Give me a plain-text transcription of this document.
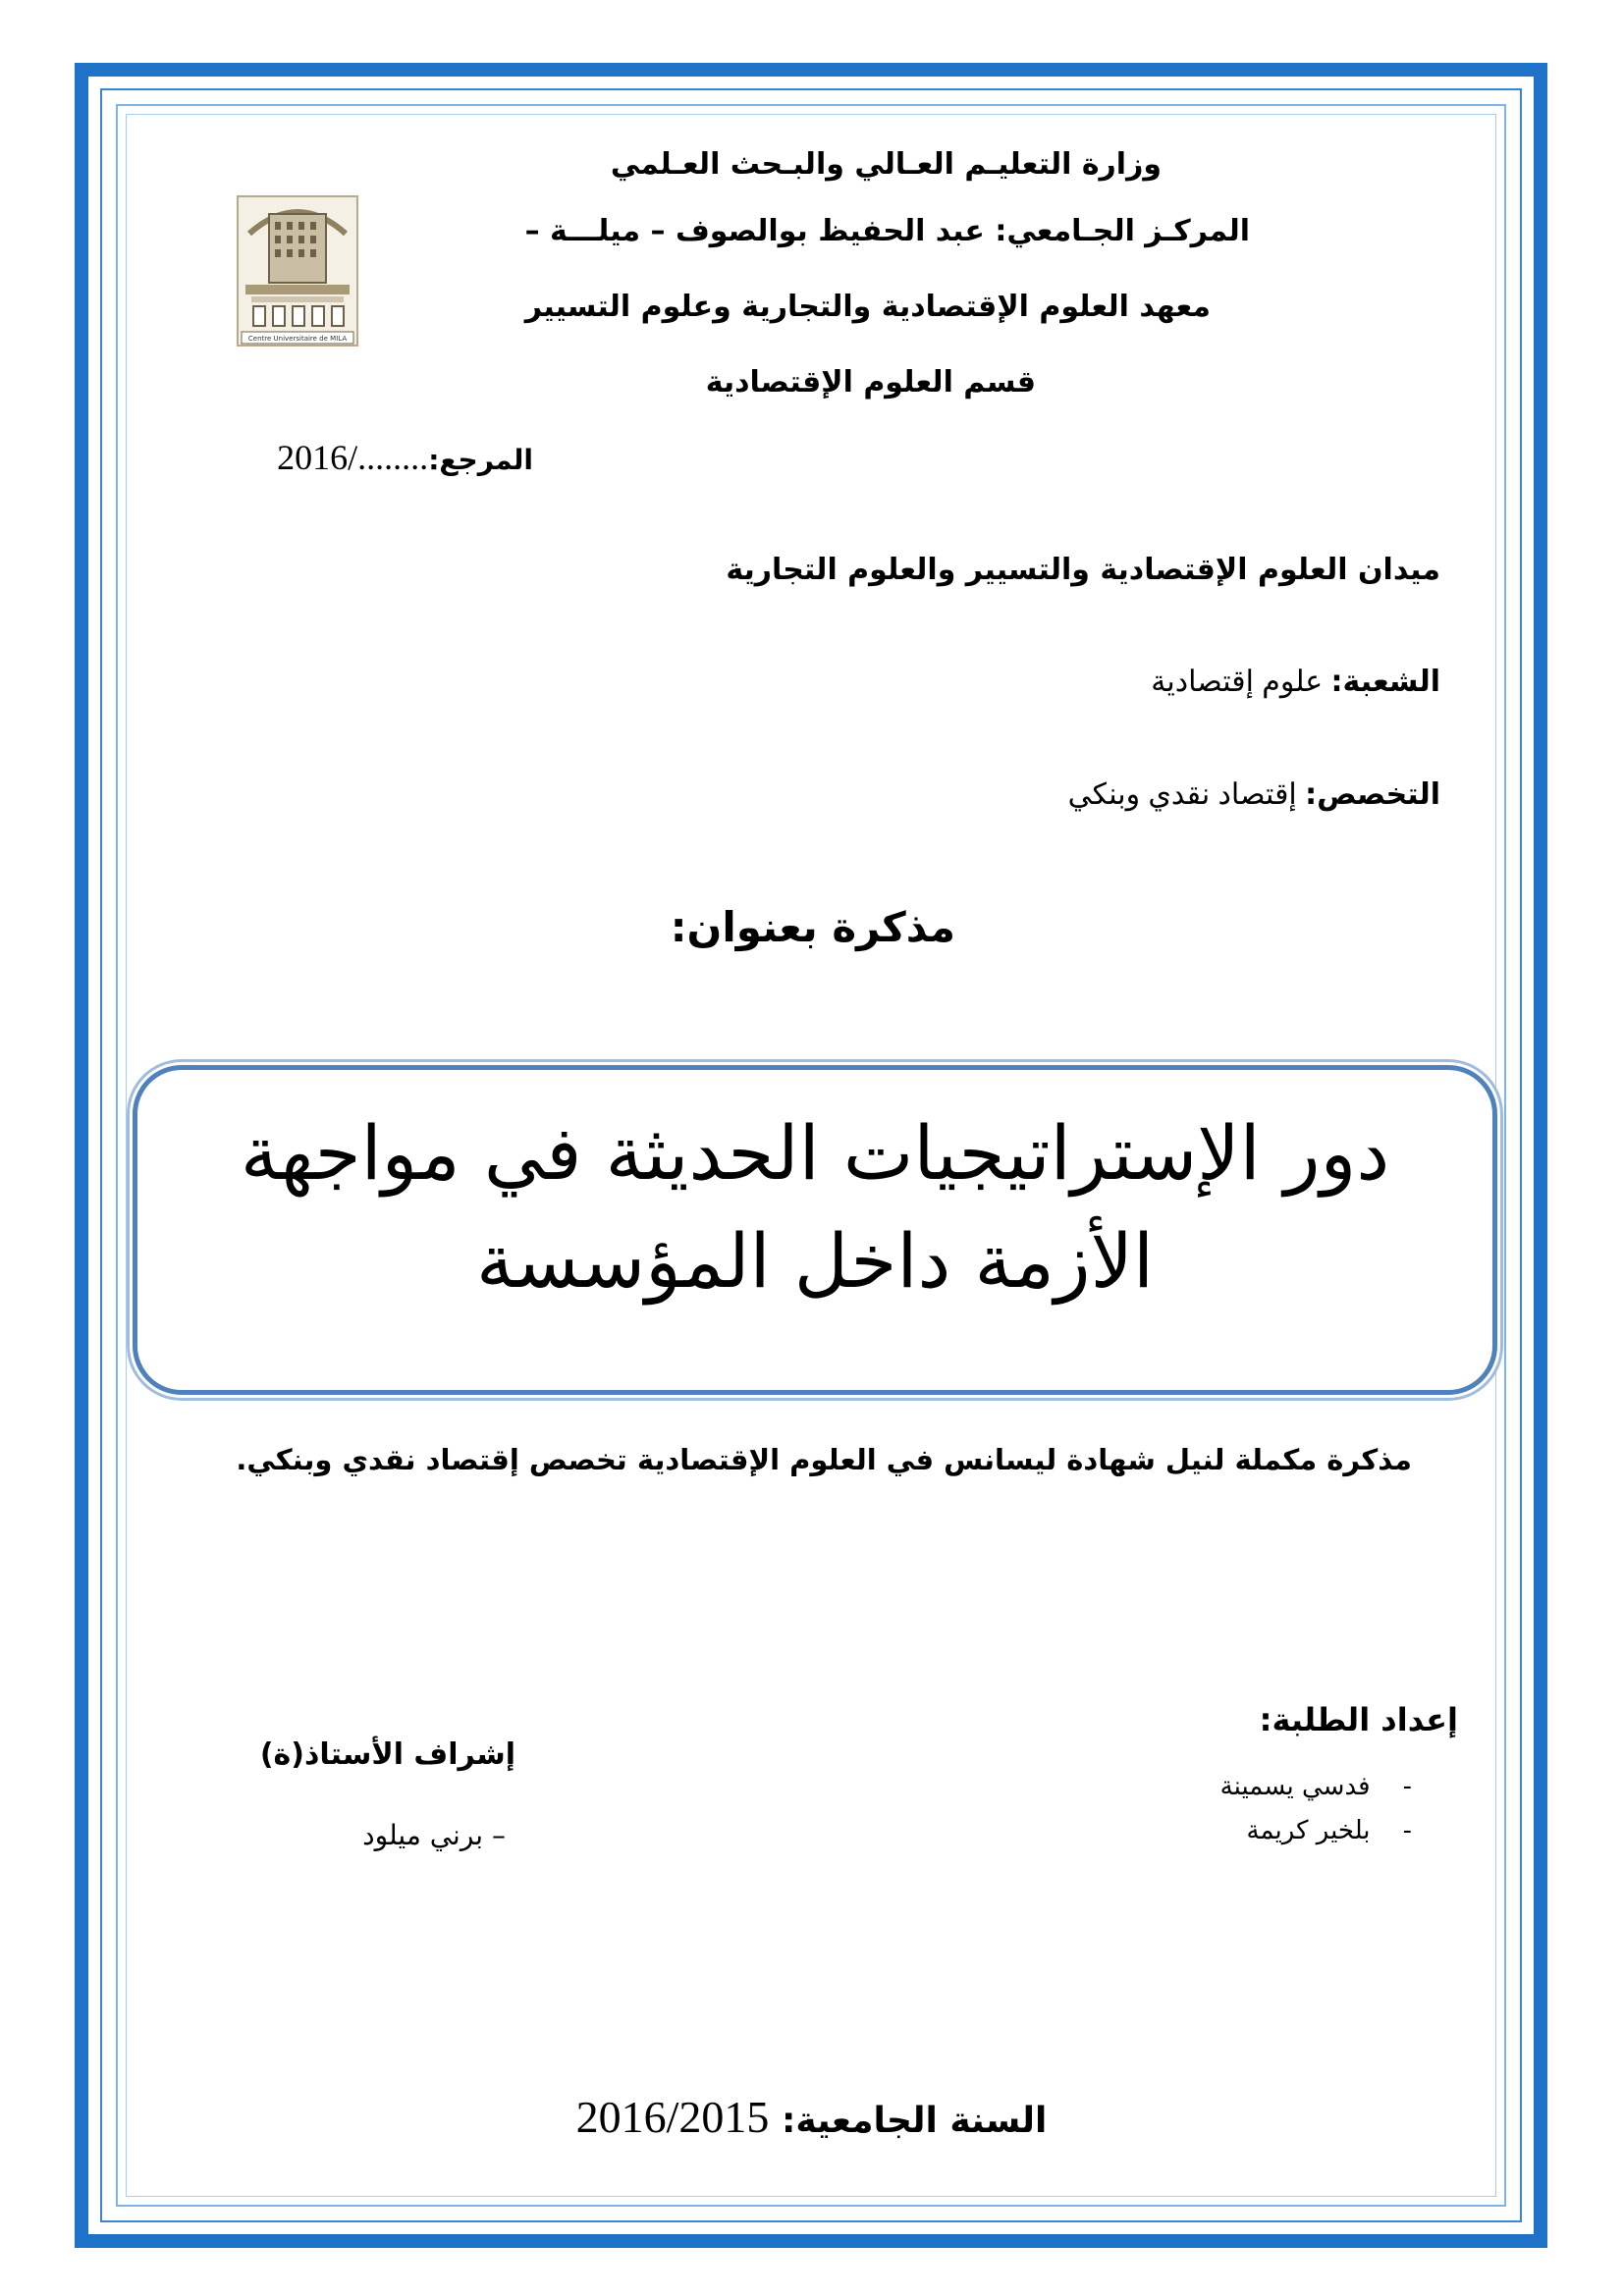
وزارة التعليـم العـالي والبـحث العـلمي
المركـز الجـامعي: عبد الحفيظ بوالصوف – ميلـــة –
معهد العلوم الإقتصادية والتجارية وعلوم التسيير
قسم العلوم الإقتصادية
Centre Universitaire de MILA
المرجع:2016/........
ميدان العلوم الإقتصادية والتسيير والعلوم التجارية
الشعبة: علوم إقتصادية
التخصص: إقتصاد نقدي وبنكي
مذكرة بعنوان:
دور الإستراتيجيات الحديثة في مواجهة
الأزمة داخل المؤسسة
مذكرة مكملة لنيل شهادة ليسانس في العلوم الإقتصادية تخصص إقتصاد نقدي وبنكي.
إعداد الطلبة:
-    فدسي يسمينة
-    بلخير كريمة
إشراف الأستاذ(ة)
– برني ميلود
السنة الجامعية: 2016/2015
